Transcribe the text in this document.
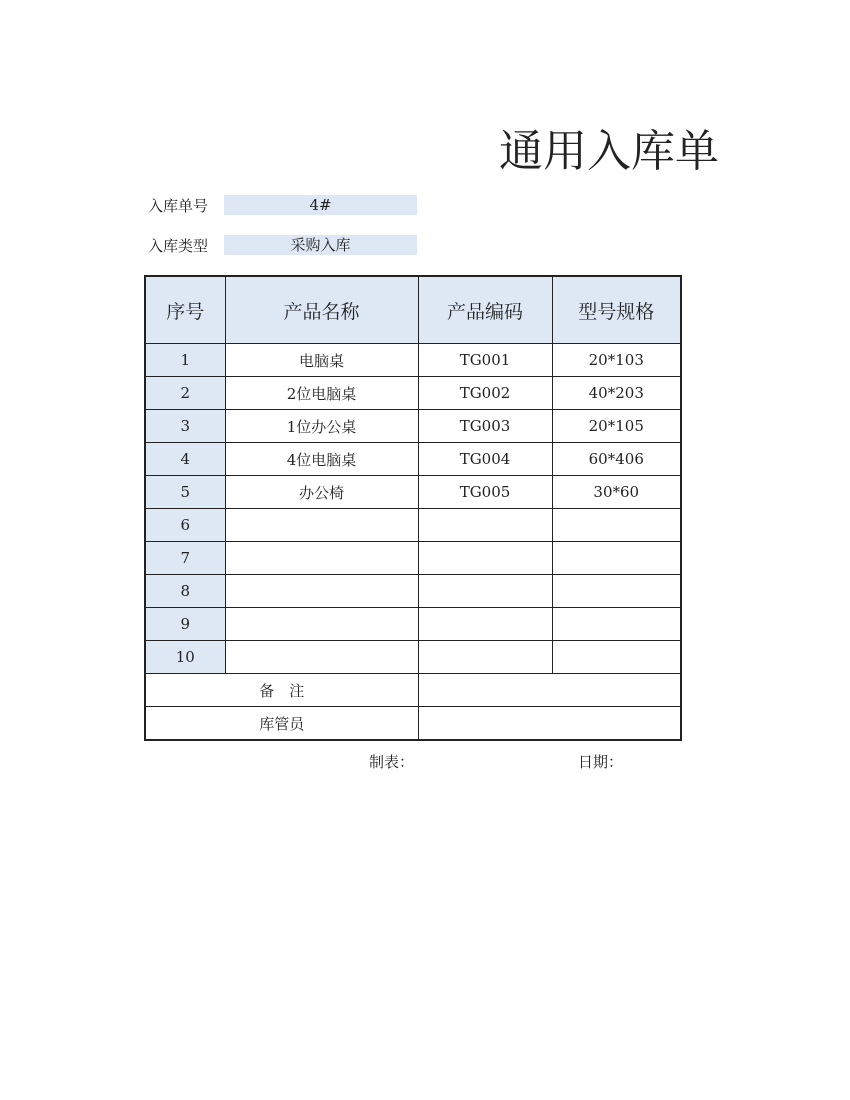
通用入库单
入库单号	4#
入库类型	采购入库
序号	产品名称	产品编码	型号规格
1	电脑桌	TG001	20*103
2	2位电脑桌	TG002	40*203
3	1位办公桌	TG003	20*105
4	4位电脑桌	TG004	60*406
5	办公椅	TG005	30*60
6			
7			
8			
9			
10			
备　注			
库管员			
制表：	日期：
